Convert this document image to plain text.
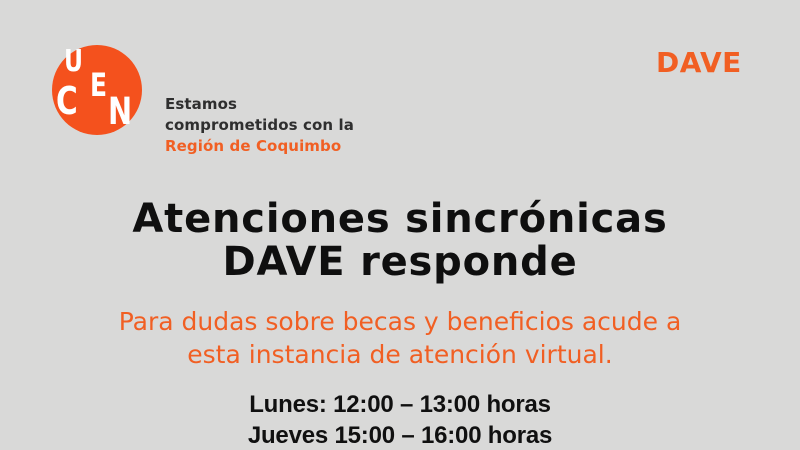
U
E
C N Estamos
comprometidos con la
Región de Coquimbo
DAVE
Atenciones sincrónicas
DAVE responde
Para dudas sobre becas y beneficios acude a
esta instancia de atención virtual.
Lunes: 12:00 – 13:00 horas
Jueves 15:00 – 16:00 horas
